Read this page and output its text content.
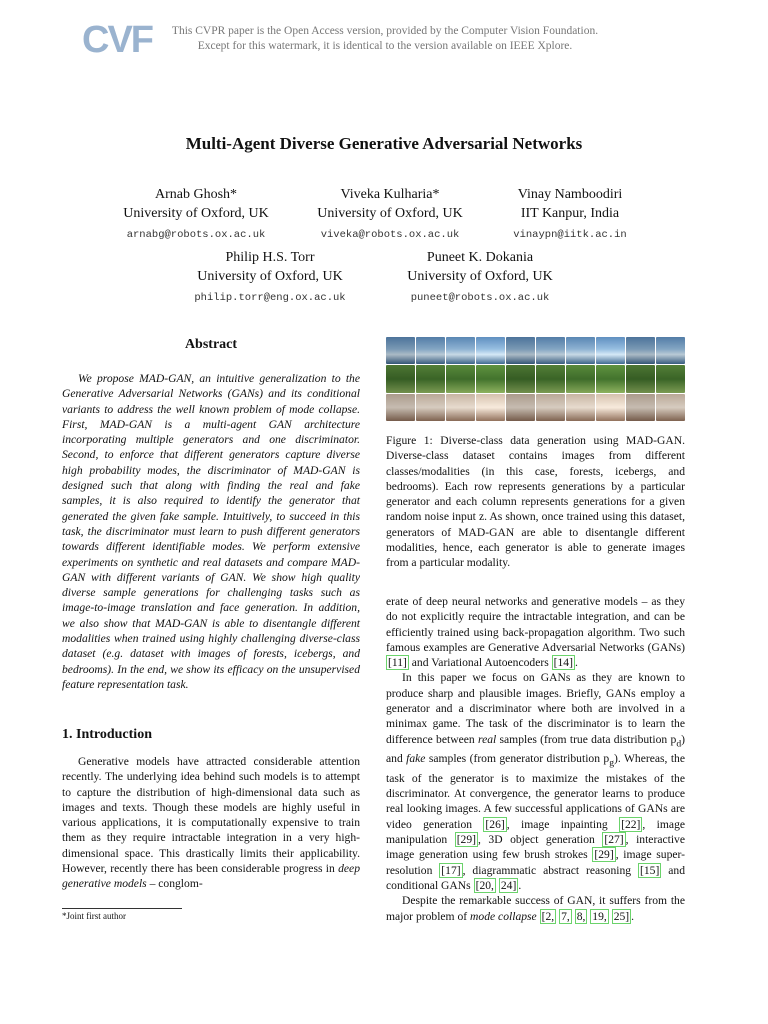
CVF	This CVPR paper is the Open Access version, provided by the Computer Vision Foundation.
Except for this watermark, it is identical to the version available on IEEE Xplore.
Multi-Agent Diverse Generative Adversarial Networks
Arnab Ghosh*
University of Oxford, UK
arnabg@robots.ox.ac.uk
Viveka Kulharia*
University of Oxford, UK
viveka@robots.ox.ac.uk
Vinay Namboodiri
IIT Kanpur, India
vinaypn@iitk.ac.in
Philip H.S. Torr
University of Oxford, UK
philip.torr@eng.ox.ac.uk
Puneet K. Dokania
University of Oxford, UK
puneet@robots.ox.ac.uk
Abstract

We propose MAD-GAN, an intuitive generalization to the Generative Adversarial Networks (GANs) and its conditional variants to address the well known problem of mode collapse. First, MAD-GAN is a multi-agent GAN architecture incorporating multiple generators and one discriminator. Second, to enforce that different generators capture diverse high probability modes, the discriminator of MAD-GAN is designed such that along with finding the real and fake samples, it is also required to identify the generator that generated the given fake sample. Intuitively, to succeed in this task, the discriminator must learn to push different generators towards different identifiable modes. We perform extensive experiments on synthetic and real datasets and compare MAD-GAN with different variants of GAN. We show high quality diverse sample generations for challenging tasks such as image-to-image translation and face generation. In addition, we also show that MAD-GAN is able to disentangle different modalities when trained using highly challenging diverse-class dataset (e.g. dataset with images of forests, icebergs, and bedrooms). In the end, we show its efficacy on the unsupervised feature representation task.

1. Introduction

Generative models have attracted considerable attention recently. The underlying idea behind such models is to attempt to capture the distribution of high-dimensional data such as images and texts. Though these models are highly useful in various applications, it is computationally expensive to train them as they require intractable integration in a very high-dimensional space. This drastically limits their applicability. However, recently there has been considerable progress in deep generative models – conglom-

*Joint first author

Figure 1: Diverse-class data generation using MAD-GAN. Diverse-class dataset contains images from different classes/modalities (in this case, forests, icebergs, and bedrooms). Each row represents generations by a particular generator and each column represents generations for a given random noise input z. As shown, once trained using this dataset, generators of MAD-GAN are able to disentangle different modalities, hence, each generator is able to generate images from a particular modality.

erate of deep neural networks and generative models – as they do not explicitly require the intractable integration, and can be efficiently trained using back-propagation algorithm. Two such famous examples are Generative Adversarial Networks (GANs) [11] and Variational Autoencoders [14] .

In this paper we focus on GANs as they are known to produce sharp and plausible images. Briefly, GANs employ a generator and a discriminator where both are involved in a minimax game. The task of the discriminator is to learn the difference between real samples (from true data distribution $p_d$) and fake samples (from generator distribution $p_g$). Whereas, the task of the generator is to maximize the mistakes of the discriminator. At convergence, the generator learns to produce real looking images. A few successful applications of GANs are video generation [26] , image inpainting [22] , image manipulation [29] , 3D object generation [27] , interactive image generation using few brush strokes [29] , image super-resolution [17] , diagrammatic abstract reasoning [15] and conditional GANs [20, 24] .

Despite the remarkable success of GAN, it suffers from the major problem of mode collapse [2, 7, 8, 19, 25] .
